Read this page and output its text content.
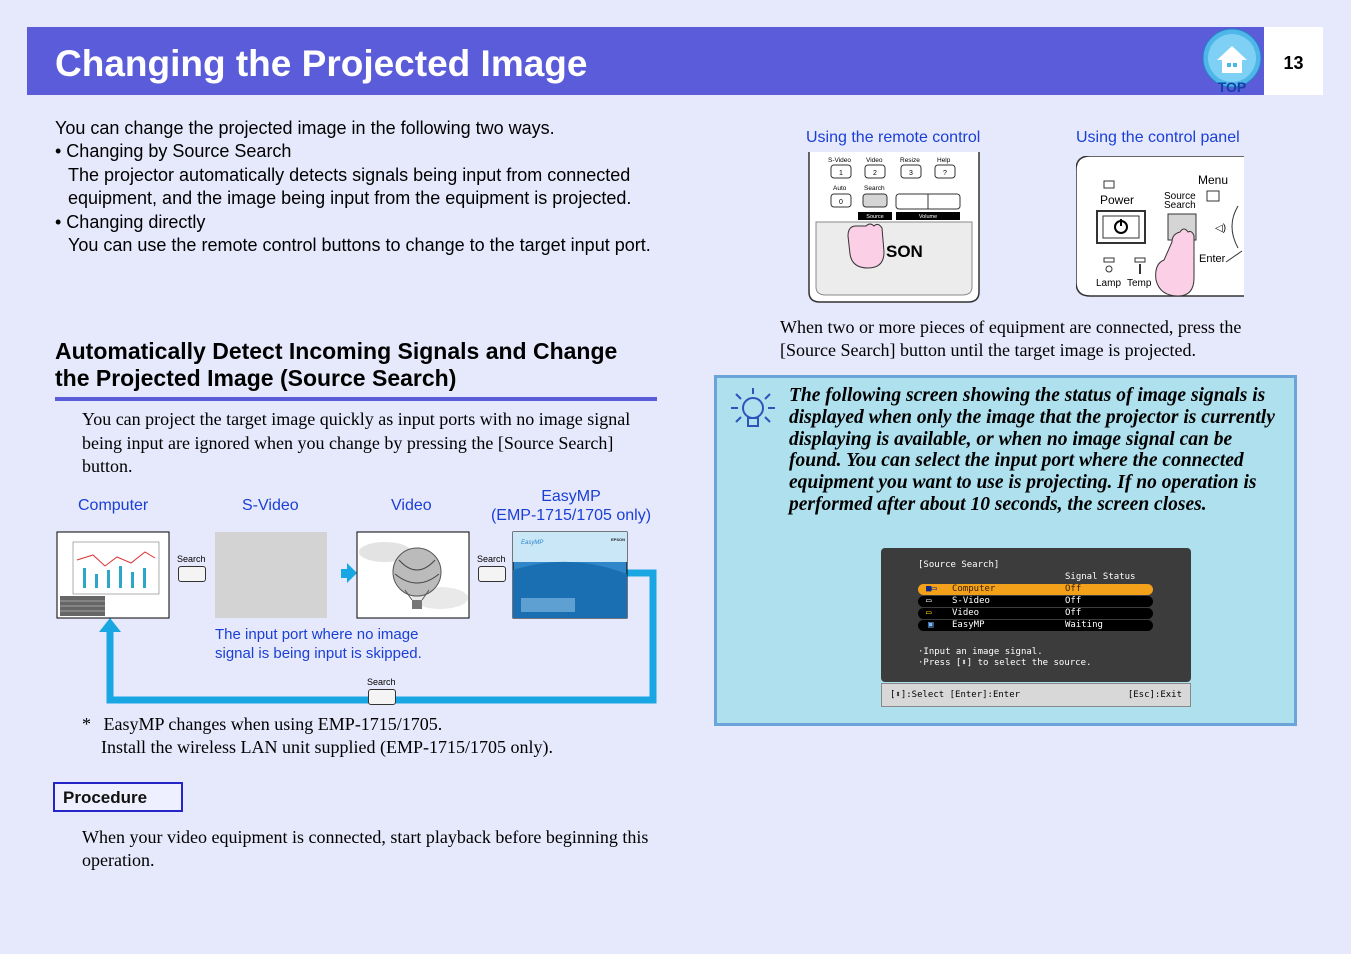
Changing the Projected Image	13
TOP
You can change the projected image in the following two ways.
• Changing by Source Search
The projector automatically detects signals being input from connected equipment, and the image being input from the equipment is projected.
• Changing directly
You can use the remote control buttons to change to the target input port.
Automatically Detect Incoming Signals and Change the Projected Image (Source Search)
You can project the target image quickly as input ports with no image signal being input are ignored when you change by pressing the [Source Search] button.
Computer	S-Video	Video
EasyMP
(EMP-1715/1705 only)
EasyMP
EPSON
Search	Search
Search
The input port where no image
signal is being input is skipped.
* EasyMP changes when using EMP-1715/1705.
Install the wireless LAN unit supplied (EMP-1715/1705 only).
Procedure
When your video equipment is connected, start playback before beginning this operation.
Using the remote control
S-Video Video	Resize	Help
1	2	3	?
Auto	Search
0
Source	Volume
SON
Using the control panel
Menu
Power	Source
Search
Enter
◁)
Lamp Temp
When two or more pieces of equipment are connected, press the [Source Search] button until the target image is projected.
The following screen showing the status of image signals is displayed when only the image that the projector is currently displaying is available, or when no image signal can be found. You can select the input port where the connected equipment you want to use is projecting. If no operation is performed after about 10 seconds, the screen closes.
[Source Search]
Signal Status
■▭ Computer	Off
▭ S-Video	Off
▭ Video	Off
▣ EasyMP	Waiting
·Input an image signal.
·Press [⬍] to select the source.
[⬍]:Select [Enter]:Enter	[Esc]:Exit
